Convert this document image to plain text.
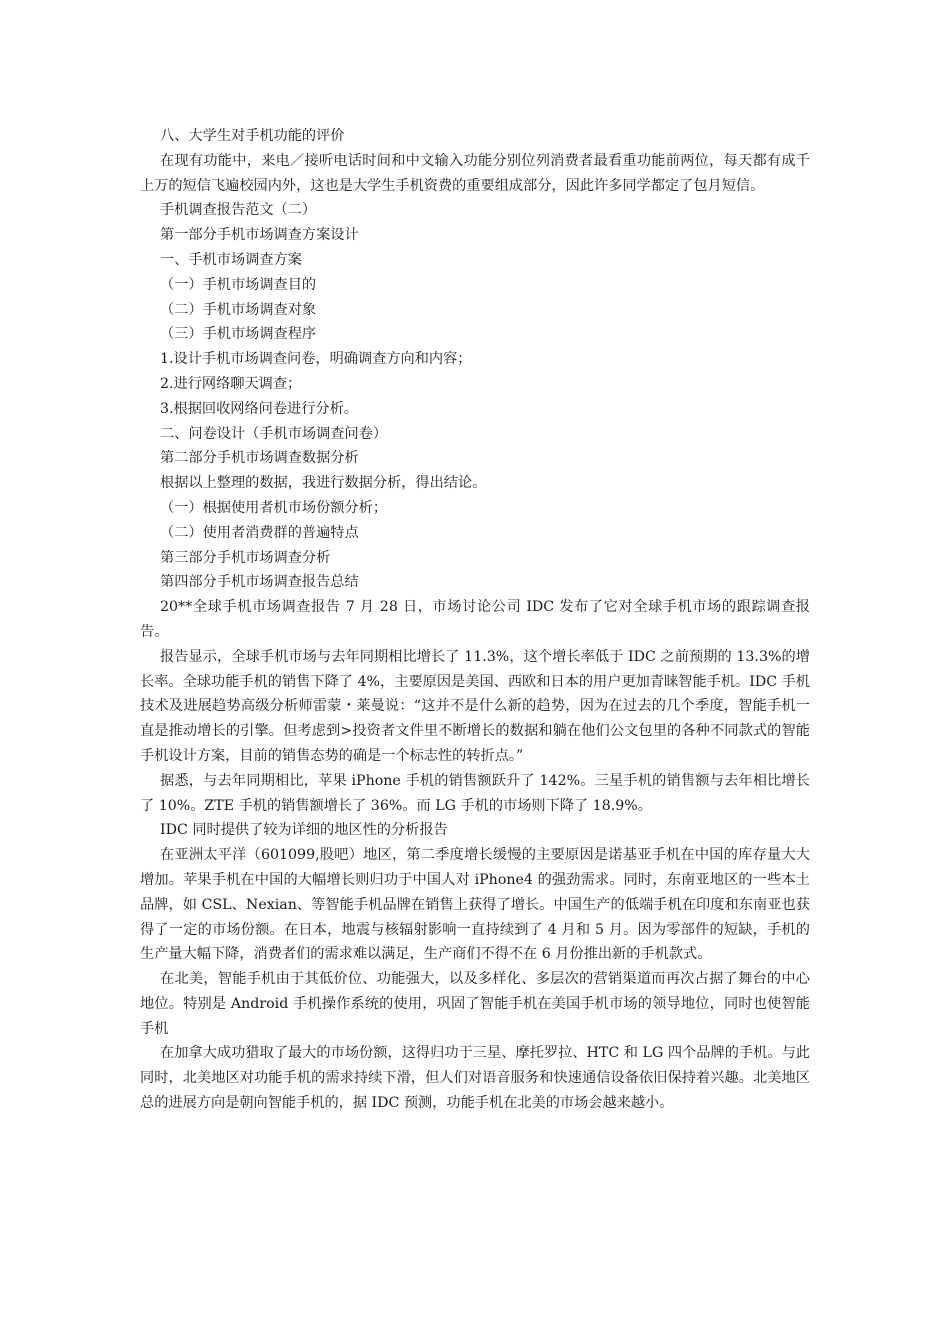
八、大学生对手机功能的评价
在现有功能中，来电／接听电话时间和中文输入功能分别位列消费者最看重功能前两位，每天都有成千上万的短信飞遍校园内外，这也是大学生手机资费的重要组成部分，因此许多同学都定了包月短信。
手机调查报告范文（二）
第一部分手机市场调查方案设计
一、手机市场调查方案
（一）手机市场调查目的
（二）手机市场调查对象
（三）手机市场调查程序
1.设计手机市场调查问卷，明确调查方向和内容；
2.进行网络聊天调查；
3.根据回收网络问卷进行分析。
二、问卷设计（手机市场调查问卷）
第二部分手机市场调查数据分析
根据以上整理的数据，我进行数据分析，得出结论。
（一）根据使用者机市场份额分析；
（二）使用者消费群的普遍特点
第三部分手机市场调查分析
第四部分手机市场调查报告总结
20**全球手机市场调查报告 7 月 28 日，市场讨论公司 IDC 发布了它对全球手机市场的跟踪调查报告。
报告显示，全球手机市场与去年同期相比增长了 11.3%，这个增长率低于 IDC 之前预期的 13.3%的增长率。全球功能手机的销售下降了 4%，主要原因是美国、西欧和日本的用户更加青睐智能手机。IDC 手机技术及进展趋势高级分析师雷蒙・莱曼说：“这并不是什么新的趋势，因为在过去的几个季度，智能手机一直是推动增长的引擎。但考虑到>投资者文件里不断增长的数据和躺在他们公文包里的各种不同款式的智能手机设计方案，目前的销售态势的确是一个标志性的转折点。”
据悉，与去年同期相比，苹果 iPhone 手机的销售额跃升了 142%。三星手机的销售额与去年相比增长了 10%。ZTE 手机的销售额增长了 36%。而 LG 手机的市场则下降了 18.9%。
IDC 同时提供了较为详细的地区性的分析报告
在亚洲太平洋（601099,股吧）地区，第二季度增长缓慢的主要原因是诺基亚手机在中国的库存量大大增加。苹果手机在中国的大幅增长则归功于中国人对 iPhone4 的强劲需求。同时，东南亚地区的一些本土品牌，如 CSL、Nexian、等智能手机品牌在销售上获得了增长。中国生产的低端手机在印度和东南亚也获得了一定的市场份额。在日本，地震与核辐射影响一直持续到了 4 月和 5 月。因为零部件的短缺，手机的生产量大幅下降，消费者们的需求难以满足，生产商们不得不在 6 月份推出新的手机款式。
在北美，智能手机由于其低价位、功能强大，以及多样化、多层次的营销渠道而再次占据了舞台的中心地位。特别是 Android 手机操作系统的使用，巩固了智能手机在美国手机市场的领导地位，同时也使智能手机
在加拿大成功猎取了最大的市场份额，这得归功于三星、摩托罗拉、HTC 和 LG 四个品牌的手机。与此同时，北美地区对功能手机的需求持续下滑，但人们对语音服务和快速通信设备依旧保持着兴趣。北美地区总的进展方向是朝向智能手机的，据 IDC 预测，功能手机在北美的市场会越来越小。
